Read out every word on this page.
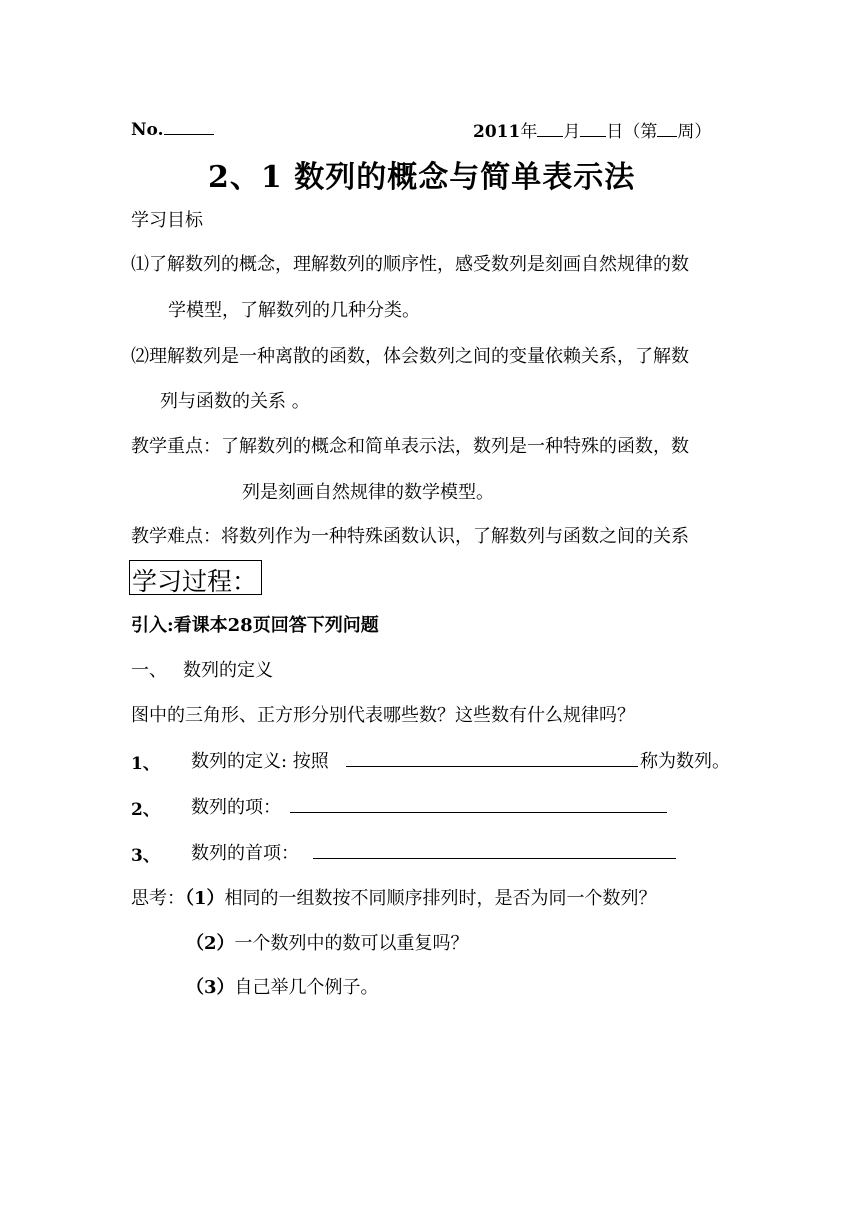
No.	2011年 月 日（第 周）
2、1 数列的概念与简单表示法
学习目标
⑴了解数列的概念，理解数列的顺序性，感受数列是刻画自然规律的数
学模型，了解数列的几种分类。
⑵理解数列是一种离散的函数，体会数列之间的变量依赖关系，了解数
列与函数的关系 。
教学重点：了解数列的概念和简单表示法，数列是一种特殊的函数，数
列是刻画自然规律的数学模型。
教学难点：将数列作为一种特殊函数认识，了解数列与函数之间的关系
学习过程：
引入:看课本28页回答下列问题
一、 数列的定义
图中的三角形、正方形分别代表哪些数？这些数有什么规律吗？
1、 数列的定义: 按照	称为数列。
2、 数列的项：
3、 数列的首项：
思考：（1）相同的一组数按不同顺序排列时，是否为同一个数列？
（2）一个数列中的数可以重复吗？
（3）自己举几个例子。
